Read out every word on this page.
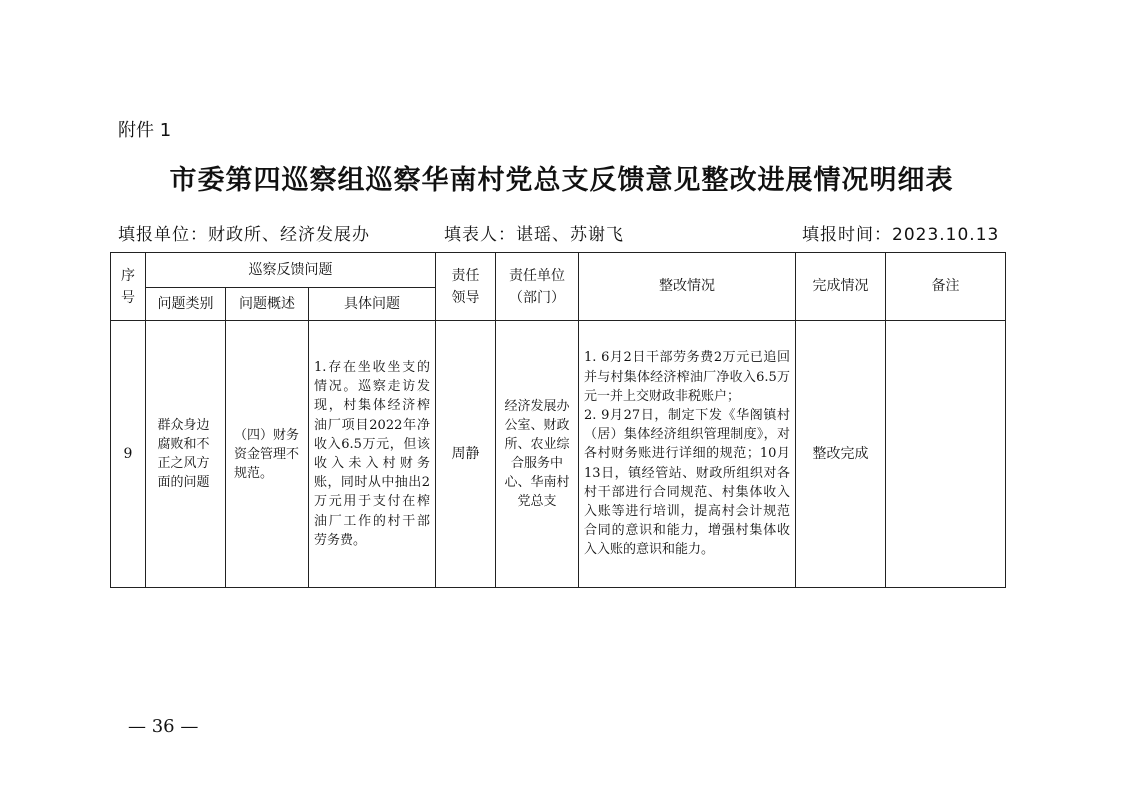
附件 1
市委第四巡察组巡察华南村党总支反馈意见整改进展情况明细表
填报单位：财政所、经济发展办	填表人：谌瑶、苏谢飞	填报时间：2023.10.13
序号	巡察反馈问题			责任领导	责任单位（部门）	整改情况	完成情况	备注
	问题类别	问题概述	具体问题					
9	群众身边腐败和不正之风方面的问题	（四）财务资金管理不规范。	1.存在坐收坐支的情况。巡察走访发现，村集体经济榨油厂项目2022年净收入6.5万元，但该收入未入村财务账，同时从中抽出2万元用于支付在榨油厂工作的村干部劳务费。	周静	经济发展办公室、财政所、农业综合服务中心、华南村党总支	1. 6月2日干部劳务费2万元已追回并与村集体经济榨油厂净收入6.5万元一并上交财政非税账户；
2. 9月27日，制定下发《华阁镇村（居）集体经济组织管理制度》，对各村财务账进行详细的规范；10月13日，镇经管站、财政所组织对各村干部进行合同规范、村集体收入入账等进行培训，提高村会计规范合同的意识和能力，增强村集体收入入账的意识和能力。	整改完成	
— 36 —
